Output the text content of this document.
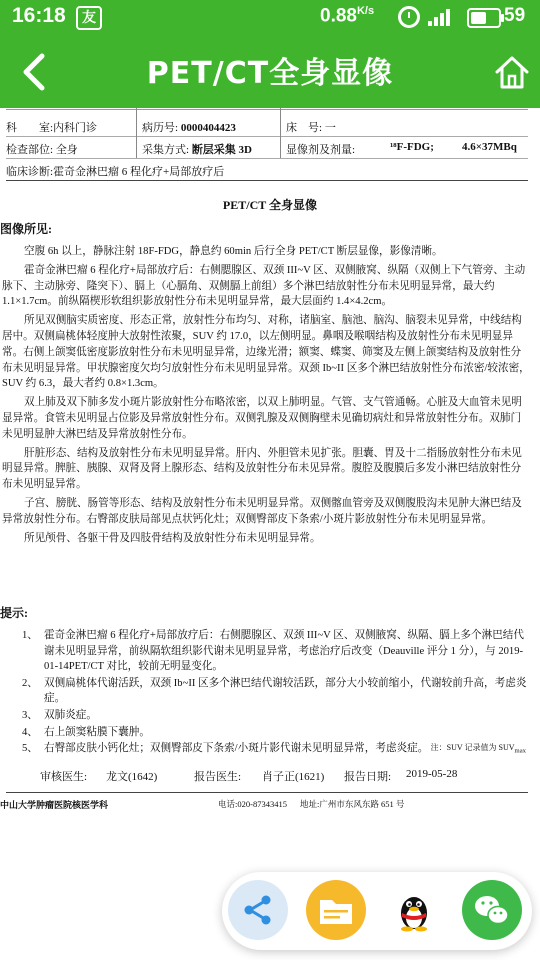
16:18	友	$0.88^{K/s}$	59
PET/CT全身显像
科　　室:内科门诊	病历号: 0000404423	床　号: 一
检查部位: 全身	采集方式: 断层采集 3D	显像剂及剂量:	¹⁸F-FDG;	4.6×37MBq
临床诊断:霍奇金淋巴瘤 6 程化疗+局部放疗后
PET/CT 全身显像
图像所见:

空腹 6h 以上，静脉注射 18F-FDG，静息约 60min 后行全身 PET/CT 断层显像，影像清晰。

霍奇金淋巴瘤 6 程化疗+局部放疗后：右侧腮腺区、双颈 III~V 区、双侧腋窝、纵隔（双侧上下气管旁、主动脉下、主动脉旁、隆突下）、膈上（心膈角、双侧膈上前组）多个淋巴结放射性分布未见明显异常，最大约 1.1×1.7cm。前纵隔楔形软组织影放射性分布未见明显异常，最大层面约 1.4×4.2cm。

所见双侧脑实质密度、形态正常，放射性分布均匀、对称，诸脑室、脑池、脑沟、脑裂未见异常，中线结构居中。双侧扁桃体轻度肿大放射性浓聚，SUV 约 17.0，以左侧明显。鼻咽及喉咽结构及放射性分布未见明显异常。右侧上颌窦低密度影放射性分布未见明显异常，边缘光滑；额窦、蝶窦、筛窦及左侧上颌窦结构及放射性分布未见明显异常。甲状腺密度欠均匀放射性分布未见明显异常。双颈 Ib~II 区多个淋巴结放射性分布浓密/较浓密，SUV 约 6.3，最大者约 0.8×1.3cm。

双上肺及双下肺多发小斑片影放射性分布略浓密，以双上肺明显。气管、支气管通畅。心脏及大血管未见明显异常。食管未见明显占位影及异常放射性分布。双侧乳腺及双侧胸壁未见确切病灶和异常放射性分布。双肺门未见明显肿大淋巴结及异常放射性分布。

肝脏形态、结构及放射性分布未见明显异常。肝内、外胆管未见扩张。胆囊、胃及十二指肠放射性分布未见明显异常。脾脏、胰腺、双肾及肾上腺形态、结构及放射性分布未见异常。腹腔及腹膜后多发小淋巴结放射性分布未见明显异常。

子宫、膀胱、肠管等形态、结构及放射性分布未见明显异常。双侧髂血管旁及双侧腹股沟未见肿大淋巴结及异常放射性分布。右臀部皮肤局部见点状钙化灶；双侧臀部皮下条索/小斑片影放射性分布未见明显异常。

所见颅骨、各躯干骨及四肢骨结构及放射性分布未见明显异常。

提示:
1、 霍奇金淋巴瘤 6 程化疗+局部放疗后：右侧腮腺区、双颈 III~V 区、双侧腋窝、纵隔、膈上多个淋巴结代谢未见明显异常，前纵隔软组织影代谢未见明显异常，考虑治疗后改变（Deauville 评分 1 分），与 2019-01-14PET/CT 对比，较前无明显变化。
2、 双侧扁桃体代谢活跃，双颈 Ib~II 区多个淋巴结代谢较活跃，部分大小较前缩小，代谢较前升高，考虑炎症。
3、 双肺炎症。
4、 右上颌窦粘膜下囊肿。
5、 右臀部皮肤小钙化灶；双侧臀部皮下条索/小斑片影代谢未见明显异常，考虑炎症。 注：SUV 记录值为 $SUV_{max}$
审核医生: 龙文(1642)	报告医生: 肖子正(1621) 报告日期: 2019-05-28
中山大学肿瘤医院核医学科	电话:020-87343415 地址:广州市东风东路 651 号
